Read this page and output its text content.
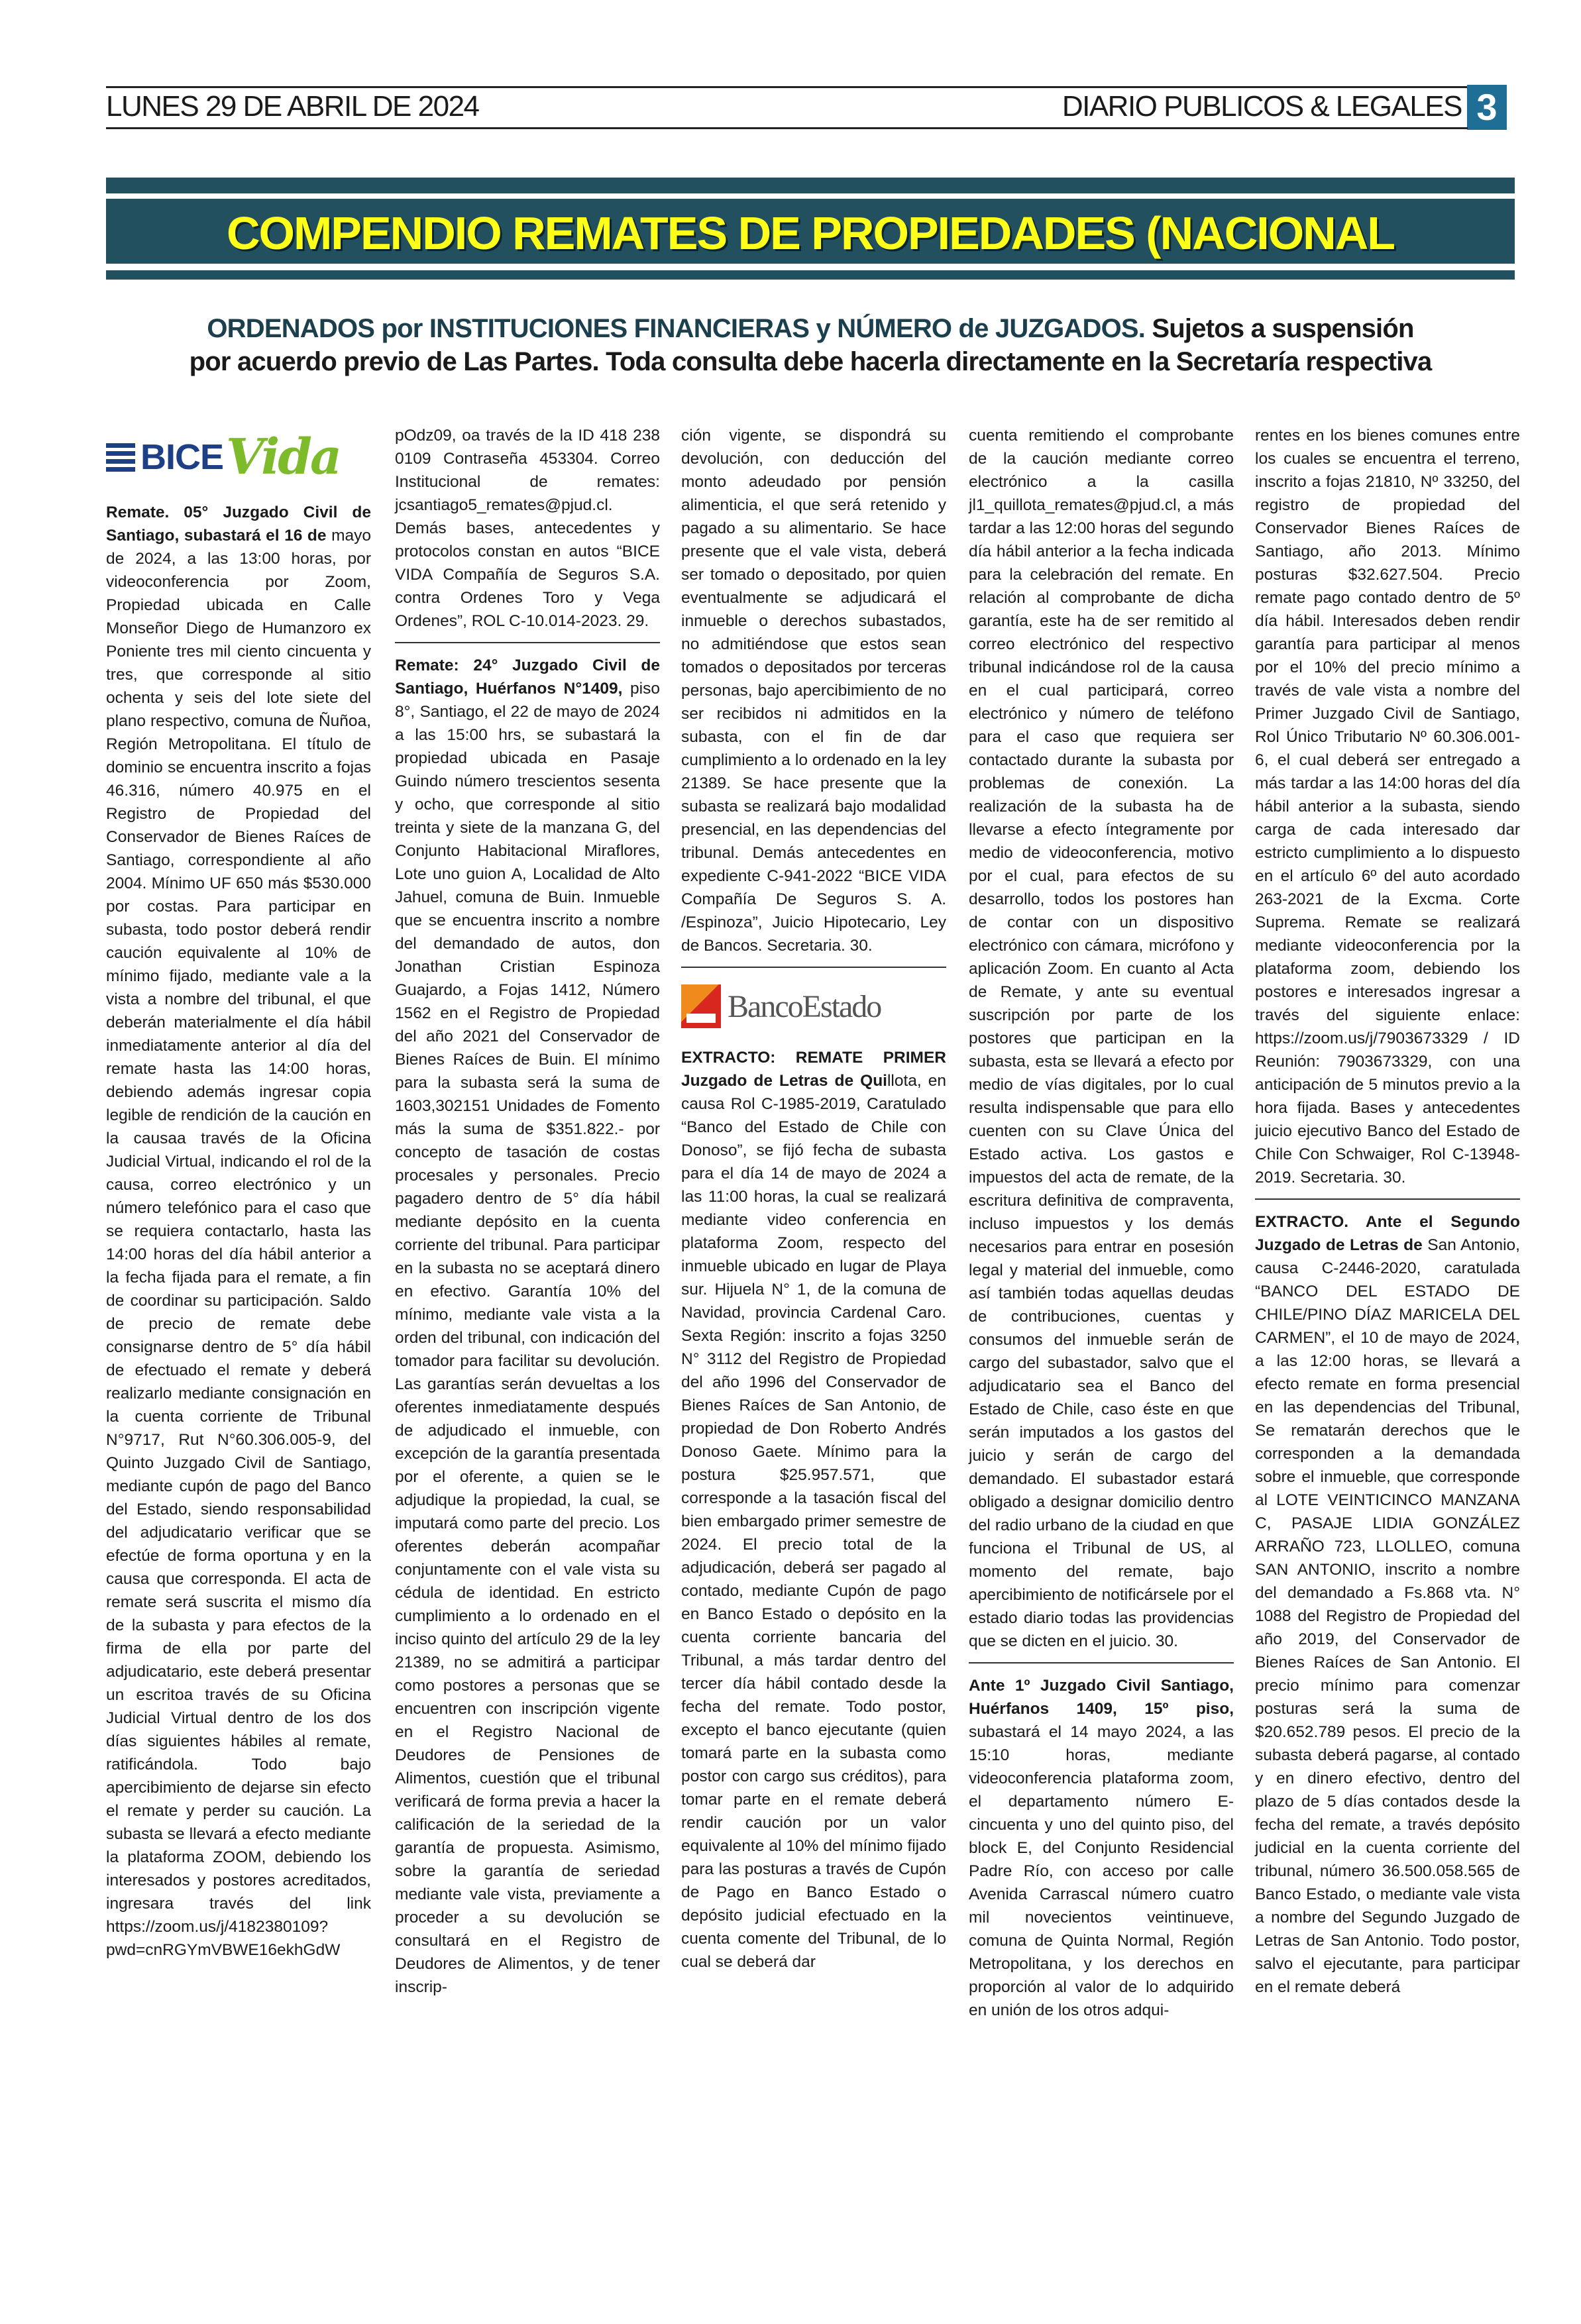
LUNES 29 DE ABRIL DE 2024	DIARIO PUBLICOS & LEGALES 3
COMPENDIO REMATES DE PROPIEDADES (NACIONAL
ORDENADOS por INSTITUCIONES FINANCIERAS y NÚMERO de JUZGADOS. Sujetos a suspensión
por acuerdo previo de Las Partes. Toda consulta debe hacerla directamente en la Secretaría respectiva
BICE Vida

Remate. 05° Juzgado Civil de Santiago, subastará el 16 de mayo de 2024, a las 13:00 horas, por videoconferencia por Zoom, Propiedad ubicada en Calle Monseñor Diego de Humanzoro ex Poniente tres mil ciento cincuenta y tres, que corresponde al sitio ochenta y seis del lote siete del plano respectivo, comuna de Ñuñoa, Región Metropolitana. El título de dominio se encuentra inscrito a fojas 46.316, número 40.975 en el Registro de Propiedad del Conservador de Bienes Raíces de Santiago, correspondiente al año 2004. Mínimo UF 650 más $530.000 por costas. Para participar en subasta, todo postor deberá rendir caución equivalente al 10% de mínimo fijado, mediante vale a la vista a nombre del tribunal, el que deberán materialmente el día hábil inmediatamente anterior al día del remate hasta las 14:00 horas, debiendo además ingresar copia legible de rendición de la caución en la causaa través de la Oficina Judicial Virtual, indicando el rol de la causa, correo electrónico y un número telefónico para el caso que se requiera contactarlo, hasta las 14:00 horas del día hábil anterior a la fecha fijada para el remate, a fin de coordinar su participación. Saldo de precio de remate debe consignarse dentro de 5° día hábil de efectuado el remate y deberá realizarlo mediante consignación en la cuenta corriente de Tribunal N°9717, Rut N°60.306.005-9, del Quinto Juzgado Civil de Santiago, mediante cupón de pago del Banco del Estado, siendo responsabilidad del adjudicatario verificar que se efectúe de forma oportuna y en la causa que corresponda. El acta de remate será suscrita el mismo día de la subasta y para efectos de la firma de ella por parte del adjudicatario, este deberá presentar un escritoa través de su Oficina Judicial Virtual dentro de los dos días siguientes hábiles al remate, ratificándola. Todo bajo apercibimiento de dejarse sin efecto el remate y perder su caución. La subasta se llevará a efecto mediante la plataforma ZOOM, debiendo los interesados y postores acreditados, ingresara través del link https://zoom.us/j/4182380109?pwd=cnRGYmVBWE16ekhGdW

pOdz09, oa través de la ID 418 238 0109 Contraseña 453304. Correo Institucional de remates: jcsantiago5_remates@pjud.cl. Demás bases, antecedentes y protocolos constan en autos “BICE VIDA Compañía de Seguros S.A. contra Ordenes Toro y Vega Ordenes”, ROL C-10.014-2023. 29.

Remate: 24° Juzgado Civil de Santiago, Huérfanos N°1409, piso 8°, Santiago, el 22 de mayo de 2024 a las 15:00 hrs, se subastará la propiedad ubicada en Pasaje Guindo número trescientos sesenta y ocho, que corresponde al sitio treinta y siete de la manzana G, del Conjunto Habitacional Miraflores, Lote uno guion A, Localidad de Alto Jahuel, comuna de Buin. Inmueble que se encuentra inscrito a nombre del demandado de autos, don Jonathan Cristian Espinoza Guajardo, a Fojas 1412, Número 1562 en el Registro de Propiedad del año 2021 del Conservador de Bienes Raíces de Buin. El mínimo para la subasta será la suma de 1603,302151 Unidades de Fomento más la suma de $351.822.- por concepto de tasación de costas procesales y personales. Precio pagadero dentro de 5° día hábil mediante depósito en la cuenta corriente del tribunal. Para participar en la subasta no se aceptará dinero en efectivo. Garantía 10% del mínimo, mediante vale vista a la orden del tribunal, con indicación del tomador para facilitar su devolución. Las garantías serán devueltas a los oferentes inmediatamente después de adjudicado el inmueble, con excepción de la garantía presentada por el oferente, a quien se le adjudique la propiedad, la cual, se imputará como parte del precio. Los oferentes deberán acompañar conjuntamente con el vale vista su cédula de identidad. En estricto cumplimiento a lo ordenado en el inciso quinto del artículo 29 de la ley 21389, no se admitirá a participar como postores a personas que se encuentren con inscripción vigente en el Registro Nacional de Deudores de Pensiones de Alimentos, cuestión que el tribunal verificará de forma previa a hacer la calificación de la seriedad de la garantía de propuesta. Asimismo, sobre la garantía de seriedad mediante vale vista, previamente a proceder a su devolución se consultará en el Registro de Deudores de Alimentos, y de tener inscrip-

ción vigente, se dispondrá su devolución, con deducción del monto adeudado por pensión alimenticia, el que será retenido y pagado a su alimentario. Se hace presente que el vale vista, deberá ser tomado o depositado, por quien eventualmente se adjudicará el inmueble o derechos subastados, no admitiéndose que estos sean tomados o depositados por terceras personas, bajo apercibimiento de no ser recibidos ni admitidos en la subasta, con el fin de dar cumplimiento a lo ordenado en la ley 21389. Se hace presente que la subasta se realizará bajo modalidad presencial, en las dependencias del tribunal. Demás antecedentes en expediente C-941-2022 “BICE VIDA Compañía De Seguros S. A. /Espinoza”, Juicio Hipotecario, Ley de Bancos. Secretaria. 30.

BancoEstado

EXTRACTO: REMATE PRIMER Juzgado de Letras de Quillota, en causa Rol C-1985-2019, Caratulado “Banco del Estado de Chile con Donoso”, se fijó fecha de subasta para el día 14 de mayo de 2024 a las 11:00 horas, la cual se realizará mediante video conferencia en plataforma Zoom, respecto del inmueble ubicado en lugar de Playa sur. Hijuela N° 1, de la comuna de Navidad, provincia Cardenal Caro. Sexta Región: inscrito a fojas 3250 N° 3112 del Registro de Propiedad del año 1996 del Conservador de Bienes Raíces de San Antonio, de propiedad de Don Roberto Andrés Donoso Gaete. Mínimo para la postura $25.957.571, que corresponde a la tasación fiscal del bien embargado primer semestre de 2024. El precio total de la adjudicación, deberá ser pagado al contado, mediante Cupón de pago en Banco Estado o depósito en la cuenta corriente bancaria del Tribunal, a más tardar dentro del tercer día hábil contado desde la fecha del remate. Todo postor, excepto el banco ejecutante (quien tomará parte en la subasta como postor con cargo sus créditos), para tomar parte en el remate deberá rendir caución por un valor equivalente al 10% del mínimo fijado para las posturas a través de Cupón de Pago en Banco Estado o depósito judicial efectuado en la cuenta comente del Tribunal, de lo cual se deberá dar

cuenta remitiendo el comprobante de la caución mediante correo electrónico a la casilla jl1_quillota_remates@pjud.cl, a más tardar a las 12:00 horas del segundo día hábil anterior a la fecha indicada para la celebración del remate. En relación al comprobante de dicha garantía, este ha de ser remitido al correo electrónico del respectivo tribunal indicándose rol de la causa en el cual participará, correo electrónico y número de teléfono para el caso que requiera ser contactado durante la subasta por problemas de conexión. La realización de la subasta ha de llevarse a efecto íntegramente por medio de videoconferencia, motivo por el cual, para efectos de su desarrollo, todos los postores han de contar con un dispositivo electrónico con cámara, micrófono y aplicación Zoom. En cuanto al Acta de Remate, y ante su eventual suscripción por parte de los postores que participan en la subasta, esta se llevará a efecto por medio de vías digitales, por lo cual resulta indispensable que para ello cuenten con su Clave Única del Estado activa. Los gastos e impuestos del acta de remate, de la escritura definitiva de compraventa, incluso impuestos y los demás necesarios para entrar en posesión legal y material del inmueble, como así también todas aquellas deudas de contribuciones, cuentas y consumos del inmueble serán de cargo del subastador, salvo que el adjudicatario sea el Banco del Estado de Chile, caso éste en que serán imputados a los gastos del juicio y serán de cargo del demandado. El subastador estará obligado a designar domicilio dentro del radio urbano de la ciudad en que funciona el Tribunal de US, al momento del remate, bajo apercibimiento de notificársele por el estado diario todas las providencias que se dicten en el juicio. 30.

Ante 1º Juzgado Civil Santiago, Huérfanos 1409, 15º piso, subastará el 14 mayo 2024, a las 15:10 horas, mediante videoconferencia plataforma zoom, el departamento número E- cincuenta y uno del quinto piso, del block E, del Conjunto Residencial Padre Río, con acceso por calle Avenida Carrascal número cuatro mil novecientos veintinueve, comuna de Quinta Normal, Región Metropolitana, y los derechos en proporción al valor de lo adquirido en unión de los otros adqui-

rentes en los bienes comunes entre los cuales se encuentra el terreno, inscrito a fojas 21810, Nº 33250, del registro de propiedad del Conservador Bienes Raíces de Santiago, año 2013. Mínimo posturas $32.627.504. Precio remate pago contado dentro de 5º día hábil. Interesados deben rendir garantía para participar al menos por el 10% del precio mínimo a través de vale vista a nombre del Primer Juzgado Civil de Santiago, Rol Único Tributario Nº 60.306.001-6, el cual deberá ser entregado a más tardar a las 14:00 horas del día hábil anterior a la subasta, siendo carga de cada interesado dar estricto cumplimiento a lo dispuesto en el artículo 6º del auto acordado 263-2021 de la Excma. Corte Suprema. Remate se realizará mediante videoconferencia por la plataforma zoom, debiendo los postores e interesados ingresar a través del siguiente enlace: https://zoom.us/j/7903673329 / ID Reunión: 7903673329, con una anticipación de 5 minutos previo a la hora fijada. Bases y antecedentes juicio ejecutivo Banco del Estado de Chile Con Schwaiger, Rol C-13948-2019. Secretaria. 30.

EXTRACTO. Ante el Segundo Juzgado de Letras de San Antonio, causa C-2446-2020, caratulada “BANCO DEL ESTADO DE CHILE/PINO DÍAZ MARICELA DEL CARMEN”, el 10 de mayo de 2024, a las 12:00 horas, se llevará a efecto remate en forma presencial en las dependencias del Tribunal, Se rematarán derechos que le corresponden a la demandada sobre el inmueble, que corresponde al LOTE VEINTICINCO MANZANA C, PASAJE LIDIA GONZÁLEZ ARRAÑO 723, LLOLLEO, comuna SAN ANTONIO, inscrito a nombre del demandado a Fs.868 vta. N° 1088 del Registro de Propiedad del año 2019, del Conservador de Bienes Raíces de San Antonio. El precio mínimo para comenzar posturas será la suma de $20.652.789 pesos. El precio de la subasta deberá pagarse, al contado y en dinero efectivo, dentro del plazo de 5 días contados desde la fecha del remate, a través depósito judicial en la cuenta corriente del tribunal, número 36.500.058.565 de Banco Estado, o mediante vale vista a nombre del Segundo Juzgado de Letras de San Antonio. Todo postor, salvo el ejecutante, para participar en el remate deberá
